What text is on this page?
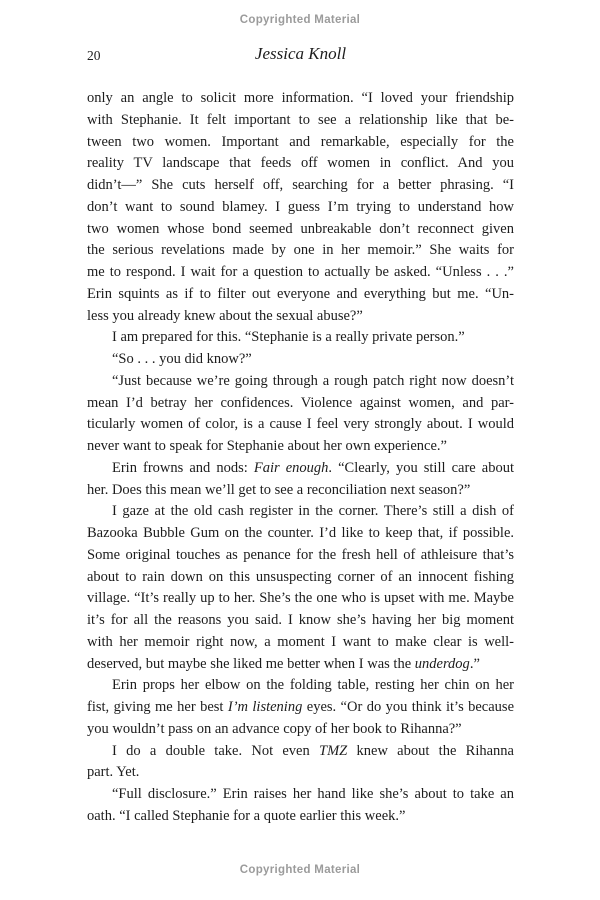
Copyrighted Material
20	Jessica Knoll
only an angle to solicit more information. “I loved your friendship
with Stephanie. It felt important to see a relationship like that be-
tween two women. Important and remarkable, especially for the
reality TV landscape that feeds off women in conflict. And you
didn’t—” She cuts herself off, searching for a better phrasing. “I
don’t want to sound blamey. I guess I’m trying to understand how
two women whose bond seemed unbreakable don’t reconnect given
the serious revelations made by one in her memoir.” She waits for
me to respond. I wait for a question to actually be asked. “Unless . . .”
Erin squints as if to filter out everyone and everything but me. “Un-
less you already knew about the sexual abuse?”
I am prepared for this. “Stephanie is a really private person.”
“So . . . you did know?”
“Just because we’re going through a rough patch right now doesn’t
mean I’d betray her confidences. Violence against women, and par-
ticularly women of color, is a cause I feel very strongly about. I would
never want to speak for Stephanie about her own experience.”
Erin frowns and nods: Fair enough. “Clearly, you still care about
her. Does this mean we’ll get to see a reconciliation next season?”
I gaze at the old cash register in the corner. There’s still a dish of
Bazooka Bubble Gum on the counter. I’d like to keep that, if possible.
Some original touches as penance for the fresh hell of athleisure that’s
about to rain down on this unsuspecting corner of an innocent fishing
village. “It’s really up to her. She’s the one who is upset with me. Maybe
it’s for all the reasons you said. I know she’s having her big moment
with her memoir right now, a moment I want to make clear is well-
deserved, but maybe she liked me better when I was the underdog.”
Erin props her elbow on the folding table, resting her chin on her
fist, giving me her best I’m listening eyes. “Or do you think it’s because
you wouldn’t pass on an advance copy of her book to Rihanna?”
I do a double take. Not even TMZ knew about the Rihanna
part. Yet.
“Full disclosure.” Erin raises her hand like she’s about to take an
oath. “I called Stephanie for a quote earlier this week.”
Copyrighted Material
